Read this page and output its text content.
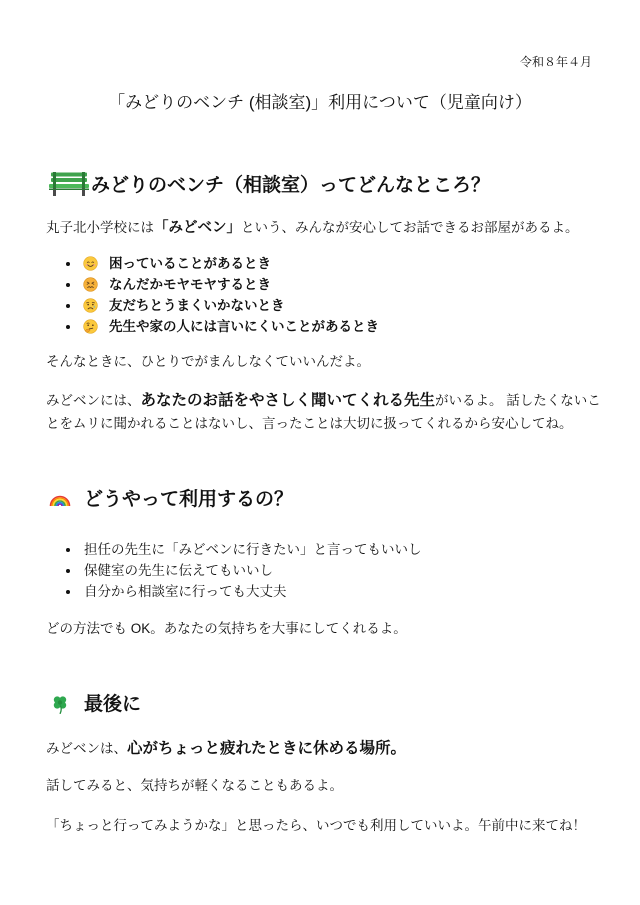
令和８年４月
「みどりのベンチ (相談室)」利用について（児童向け）
みどりのベンチ（相談室）ってどんなところ？
丸子北小学校には「みどベン」という、みんなが安心してお話できるお部屋があるよ。
困っていることがあるとき
なんだかモヤモヤするとき
友だちとうまくいかないとき
先生や家の人には言いにくいことがあるとき
そんなときに、ひとりでがまんしなくていいんだよ。
みどベンには、あなたのお話をやさしく聞いてくれる先生がいるよ。 話したくないことをムリに聞かれることはないし、言ったことは大切に扱ってくれるから安心してね。
どうやって利用するの？
担任の先生に「みどベンに行きたい」と言ってもいいし
保健室の先生に伝えてもいいし
自分から相談室に行っても大丈夫
どの方法でも OK。あなたの気持ちを大事にしてくれるよ。
最後に
みどベンは、心がちょっと疲れたときに休める場所。
話してみると、気持ちが軽くなることもあるよ。
「ちょっと行ってみようかな」と思ったら、いつでも利用していいよ。午前中に来てね！
